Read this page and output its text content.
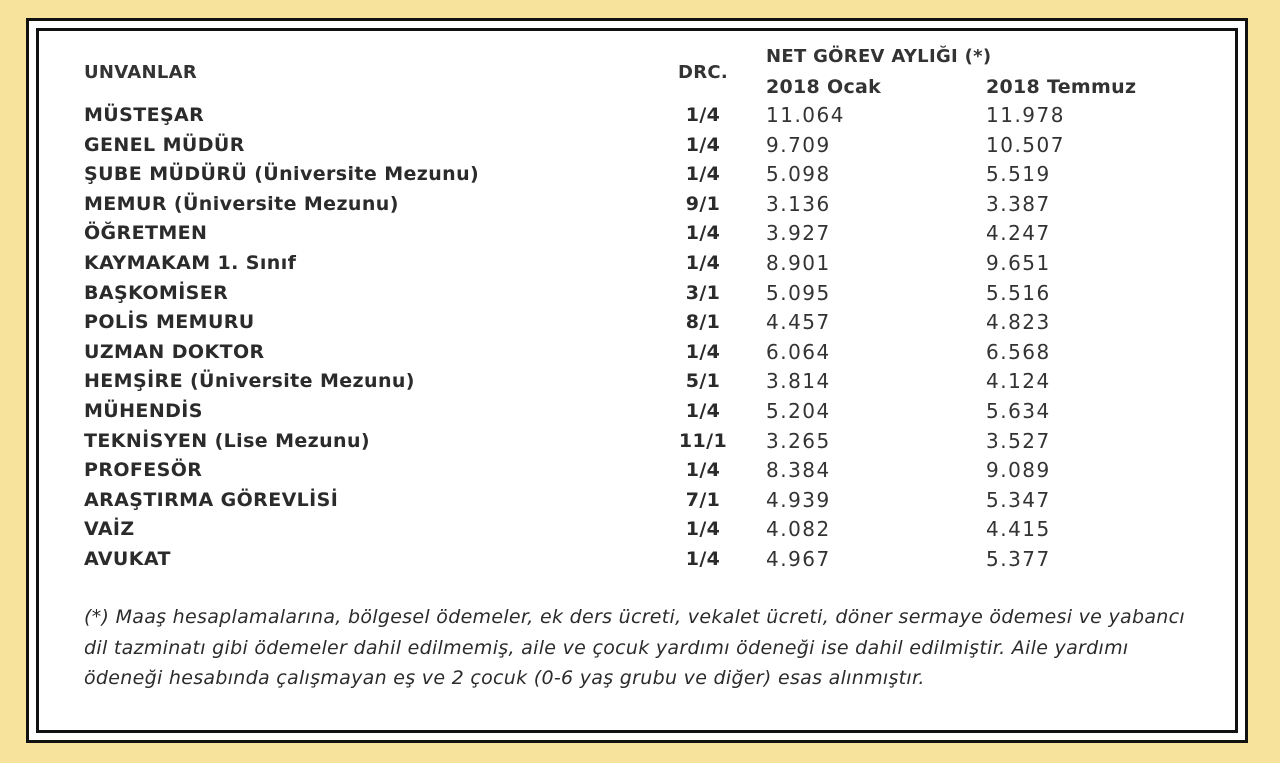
UNVANLAR	DRC.
NET GÖREV AYLIĞI (*)
2018 Ocak	2018 Temmuz
MÜSTEŞAR	1/4	11.064	11.978
GENEL MÜDÜR	1/4	9.709	10.507
ŞUBE MÜDÜRÜ (Üniversite Mezunu)	1/4	5.098	5.519
MEMUR (Üniversite Mezunu)	9/1	3.136	3.387
ÖĞRETMEN	1/4	3.927	4.247
KAYMAKAM 1. Sınıf	1/4	8.901	9.651
BAŞKOMİSER	3/1	5.095	5.516
POLİS MEMURU	8/1	4.457	4.823
UZMAN DOKTOR	1/4	6.064	6.568
HEMŞİRE (Üniversite Mezunu)	5/1	3.814	4.124
MÜHENDİS	1/4	5.204	5.634
TEKNİSYEN (Lise Mezunu)	11/1	3.265	3.527
PROFESÖR	1/4	8.384	9.089
ARAŞTIRMA GÖREVLİSİ	7/1	4.939	5.347
VAİZ	1/4	4.082	4.415
AVUKAT	1/4	4.967	5.377
(*) Maaş hesaplamalarına, bölgesel ödemeler, ek ders ücreti, vekalet ücreti, döner sermaye ödemesi ve yabancı dil tazminatı gibi ödemeler dahil edilmemiş, aile ve çocuk yardımı ödeneği ise dahil edilmiştir. Aile yardımı ödeneği hesabında çalışmayan eş ve 2 çocuk (0-6 yaş grubu ve diğer) esas alınmıştır.
